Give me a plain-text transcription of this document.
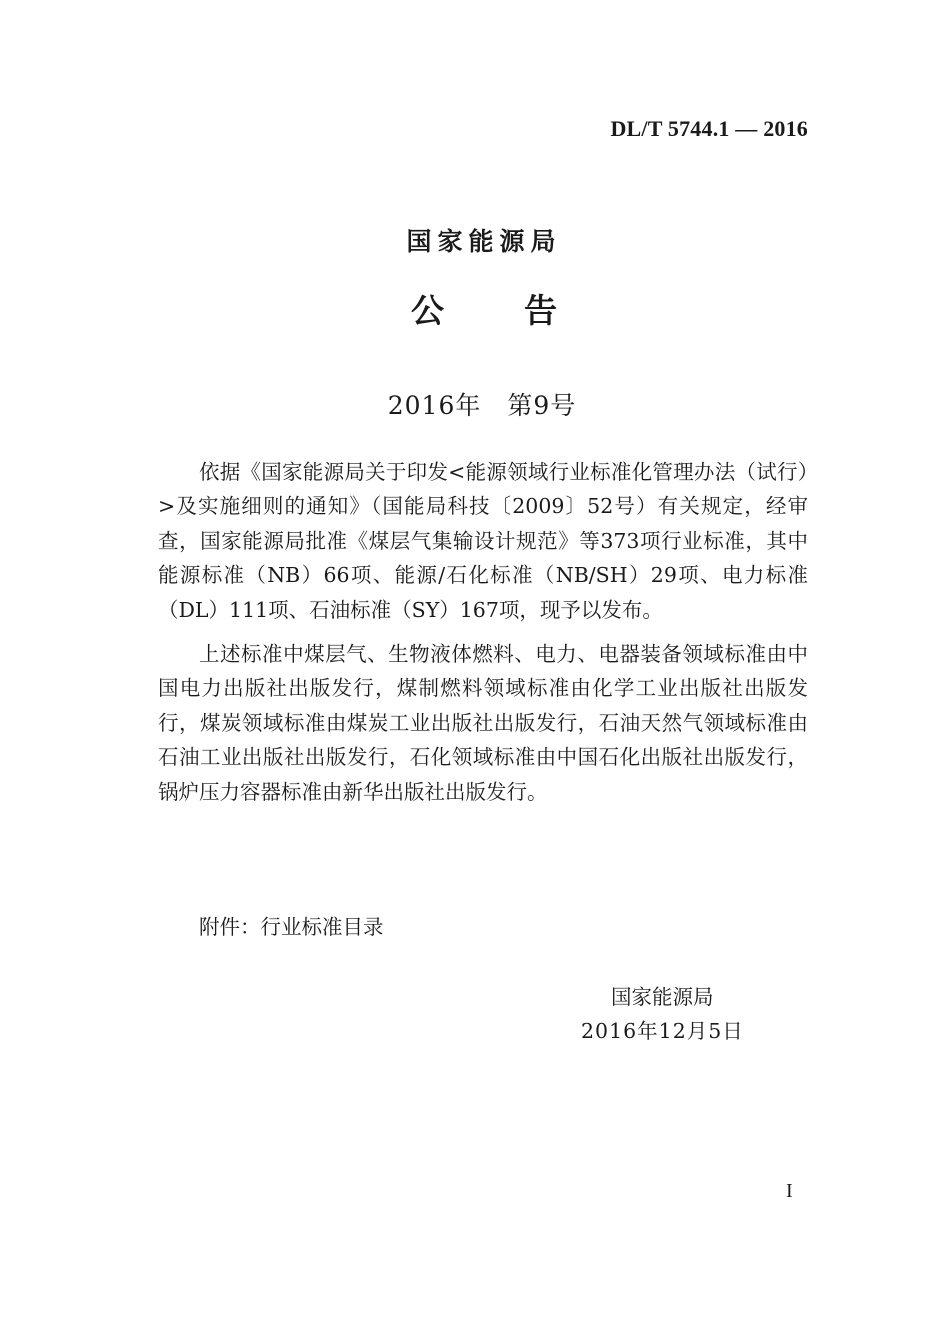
DL/T 5744.1 — 2016
国家能源局
公告
2016年　第9号

依据《国家能源局关于印发<能源领域行业标准化管理办法（试行）>及实施细则的通知》（国能局科技〔2009〕52号）有关规定，经审查，国家能源局批准《煤层气集输设计规范》等373项行业标准，其中能源标准（NB）66项、能源/石化标准（NB/SH）29项、电力标准（DL）111项、石油标准（SY）167项，现予以发布。

上述标准中煤层气、生物液体燃料、电力、电器装备领域标准由中国电力出版社出版发行，煤制燃料领域标准由化学工业出版社出版发行，煤炭领域标准由煤炭工业出版社出版发行，石油天然气领域标准由石油工业出版社出版发行，石化领域标准由中国石化出版社出版发行，锅炉压力容器标准由新华出版社出版发行。

附件：行业标准目录
国家能源局
2016年12月5日
I
